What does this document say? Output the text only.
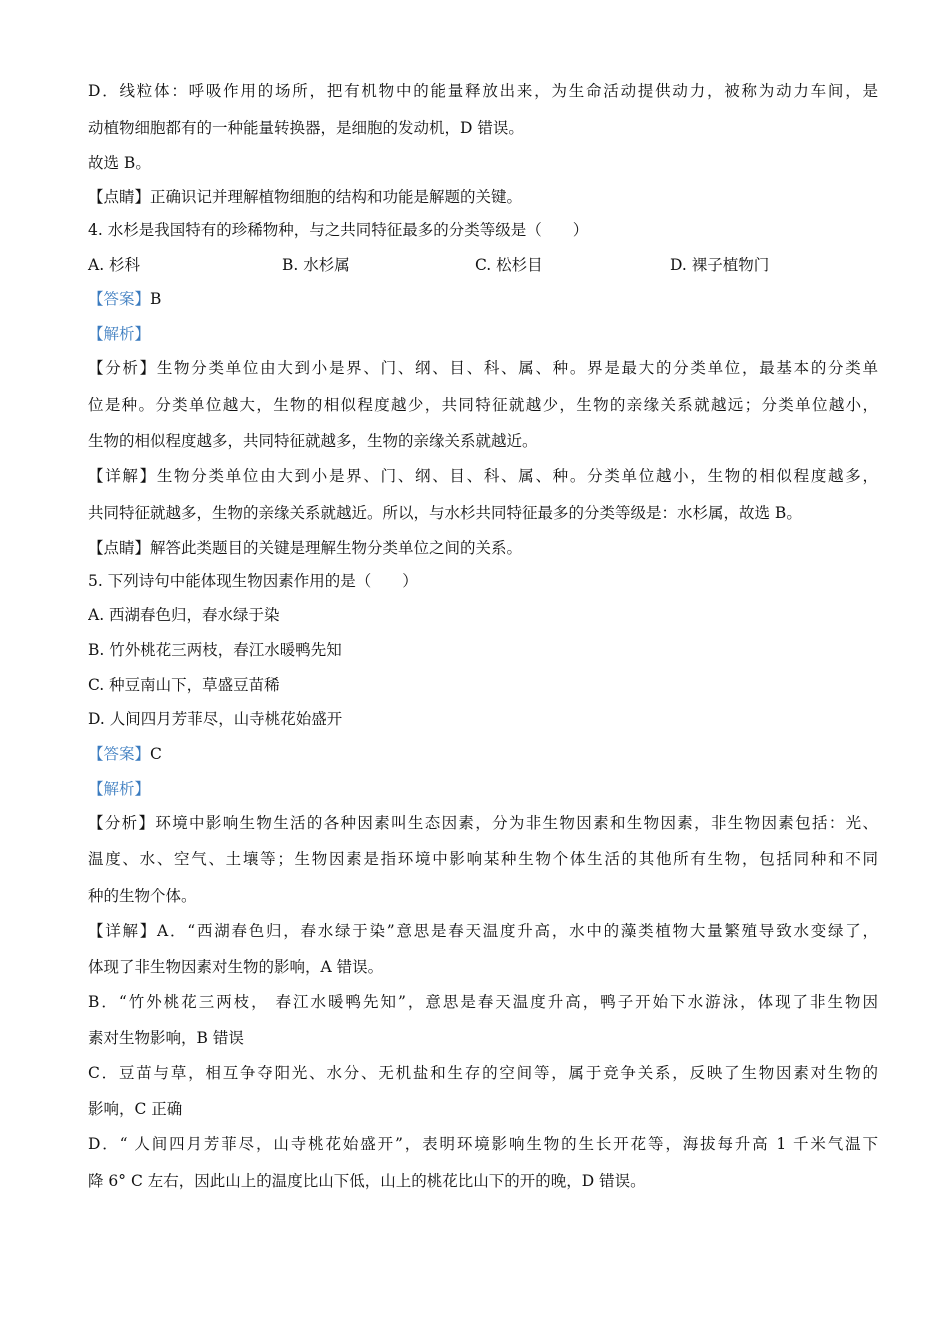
D．线粒体：呼吸作用的场所，把有机物中的能量释放出来，为生命活动提供动力，被称为动力车间，是
动植物细胞都有的一种能量转换器，是细胞的发动机，D 错误。
故选 B。
【点睛】正确识记并理解植物细胞的结构和功能是解题的关键。
4. 水杉是我国特有的珍稀物种，与之共同特征最多的分类等级是（　　）
A. 杉科	B. 水杉属	C. 松杉目	D. 裸子植物门
【答案】B
【解析】
【分析】生物分类单位由大到小是界、门、纲、目、科、属、种。界是最大的分类单位，最基本的分类单
位是种。分类单位越大，生物的相似程度越少，共同特征就越少，生物的亲缘关系就越远；分类单位越小，
生物的相似程度越多，共同特征就越多，生物的亲缘关系就越近。
【详解】生物分类单位由大到小是界、门、纲、目、科、属、种。分类单位越小，生物的相似程度越多，
共同特征就越多，生物的亲缘关系就越近。所以，与水杉共同特征最多的分类等级是：水杉属，故选 B。
【点睛】解答此类题目的关键是理解生物分类单位之间的关系。
5. 下列诗句中能体现生物因素作用的是（　　）
A. 西湖春色归，春水绿于染
B. 竹外桃花三两枝，春江水暖鸭先知
C. 种豆南山下，草盛豆苗稀
D. 人间四月芳菲尽，山寺桃花始盛开
【答案】C
【解析】
【分析】环境中影响生物生活的各种因素叫生态因素，分为非生物因素和生物因素，非生物因素包括：光、
温度、水、空气、土壤等；生物因素是指环境中影响某种生物个体生活的其他所有生物，包括同种和不同
种的生物个体。
【详解】A．“西湖春色归，春水绿于染”意思是春天温度升高，水中的藻类植物大量繁殖导致水变绿了，
体现了非生物因素对生物的影响，A 错误。
B．“竹外桃花三两枝， 春江水暖鸭先知”，意思是春天温度升高，鸭子开始下水游泳，体现了非生物因
素对生物影响，B 错误
C．豆苗与草，相互争夺阳光、水分、无机盐和生存的空间等，属于竞争关系，反映了生物因素对生物的
影响，C 正确
D．“ 人间四月芳菲尽，山寺桃花始盛开”，表明环境影响生物的生长开花等，海拔每升高 1 千米气温下
降 6° C 左右，因此山上的温度比山下低，山上的桃花比山下的开的晚，D 错误。
